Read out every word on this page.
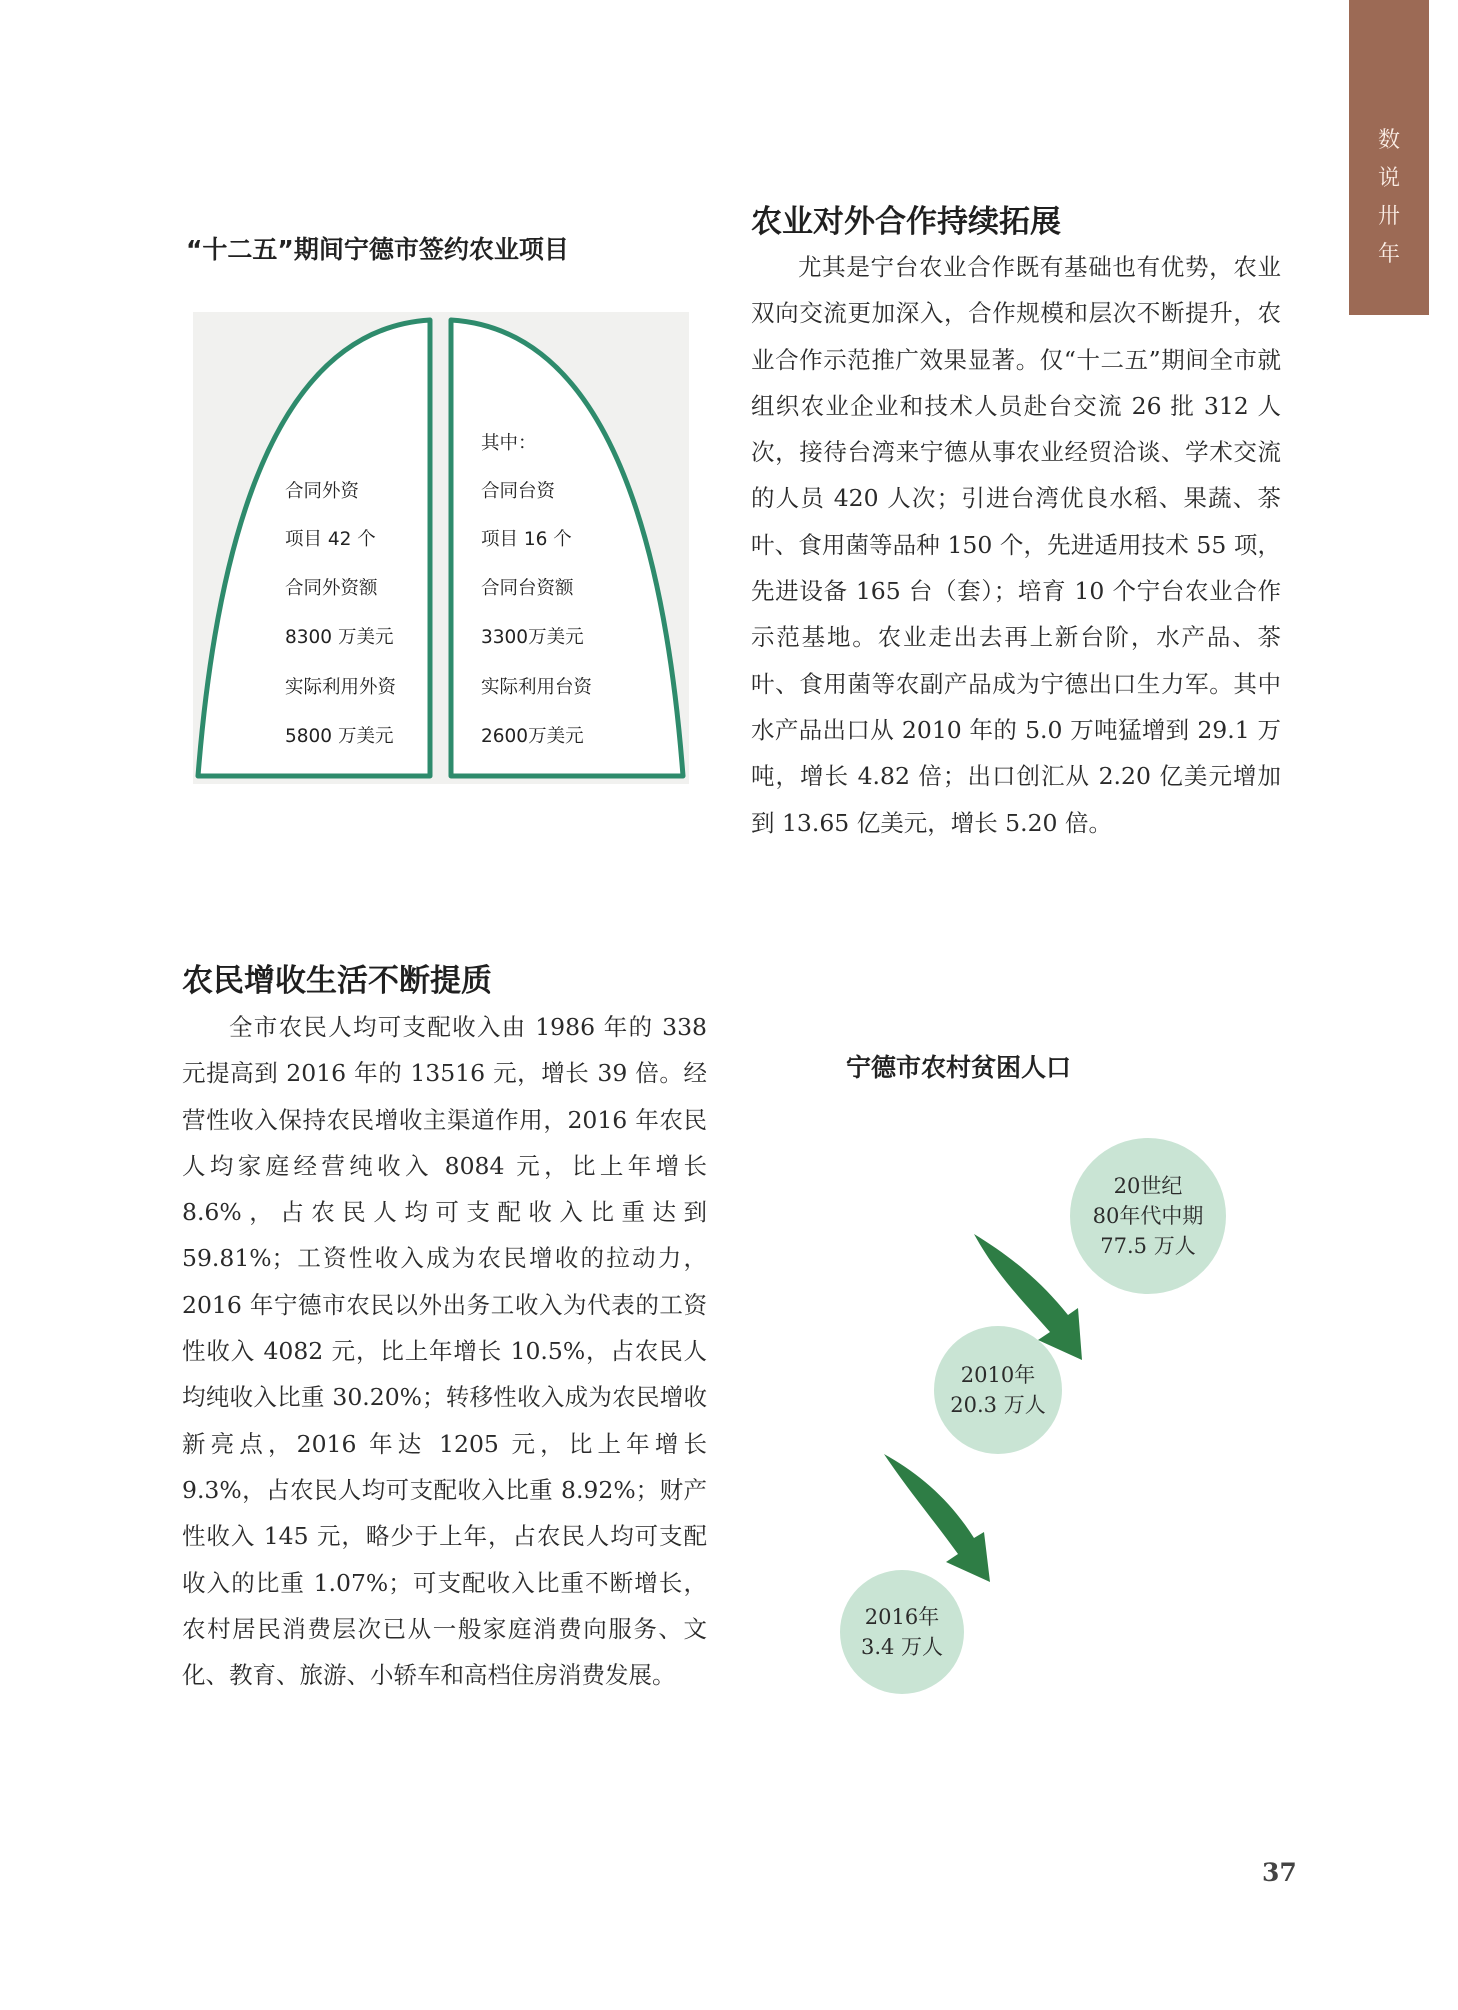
数
说
卅
年
“十二五”期间宁德市签约农业项目
合同外资
项目 42 个
合同外资额
8300 万美元
实际利用外资
5800 万美元
其中：
合同台资
项目 16 个
合同台资额
3300万美元
实际利用台资
2600万美元
农业对外合作持续拓展

尤其是宁台农业合作既有基础也有优势，农业双向交流更加深入，合作规模和层次不断提升，农业合作示范推广效果显著。仅“十二五”期间全市就组织农业企业和技术人员赴台交流 26 批 312 人次，接待台湾来宁德从事农业经贸洽谈、学术交流的人员 420 人次；引进台湾优良水稻、果蔬、茶叶、食用菌等品种 150 个，先进适用技术 55 项，先进设备 165 台（套）；培育 10 个宁台农业合作示范基地。农业走出去再上新台阶，水产品、茶叶、食用菌等农副产品成为宁德出口生力军。其中水产品出口从 2010 年的 5.0 万吨猛增到 29.1 万吨，增长 4.82 倍；出口创汇从 2.20 亿美元增加到 13.65 亿美元，增长 5.20 倍。

农民增收生活不断提质

全市农民人均可支配收入由 1986 年的 338 元提高到 2016 年的 13516 元，增长 39 倍。经营性收入保持农民增收主渠道作用，2016 年农民人均家庭经营纯收入 8084 元，比上年增长 8.6%，占农民人均可支配收入比重达到 59.81%；工资性收入成为农民增收的拉动力，2016 年宁德市农民以外出务工收入为代表的工资性收入 4082 元，比上年增长 10.5%，占农民人均纯收入比重 30.20%；转移性收入成为农民增收新亮点，2016 年达 1205 元，比上年增长 9.3%，占农民人均可支配收入比重 8.92%；财产性收入 145 元，略少于上年，占农民人均可支配收入的比重 1.07%；可支配收入比重不断增长，农村居民消费层次已从一般家庭消费向服务、文化、教育、旅游、小轿车和高档住房消费发展。

宁德市农村贫困人口
20世纪
80年代中期
77.5 万人
2010年
20.3 万人
2016年
3.4 万人
37
